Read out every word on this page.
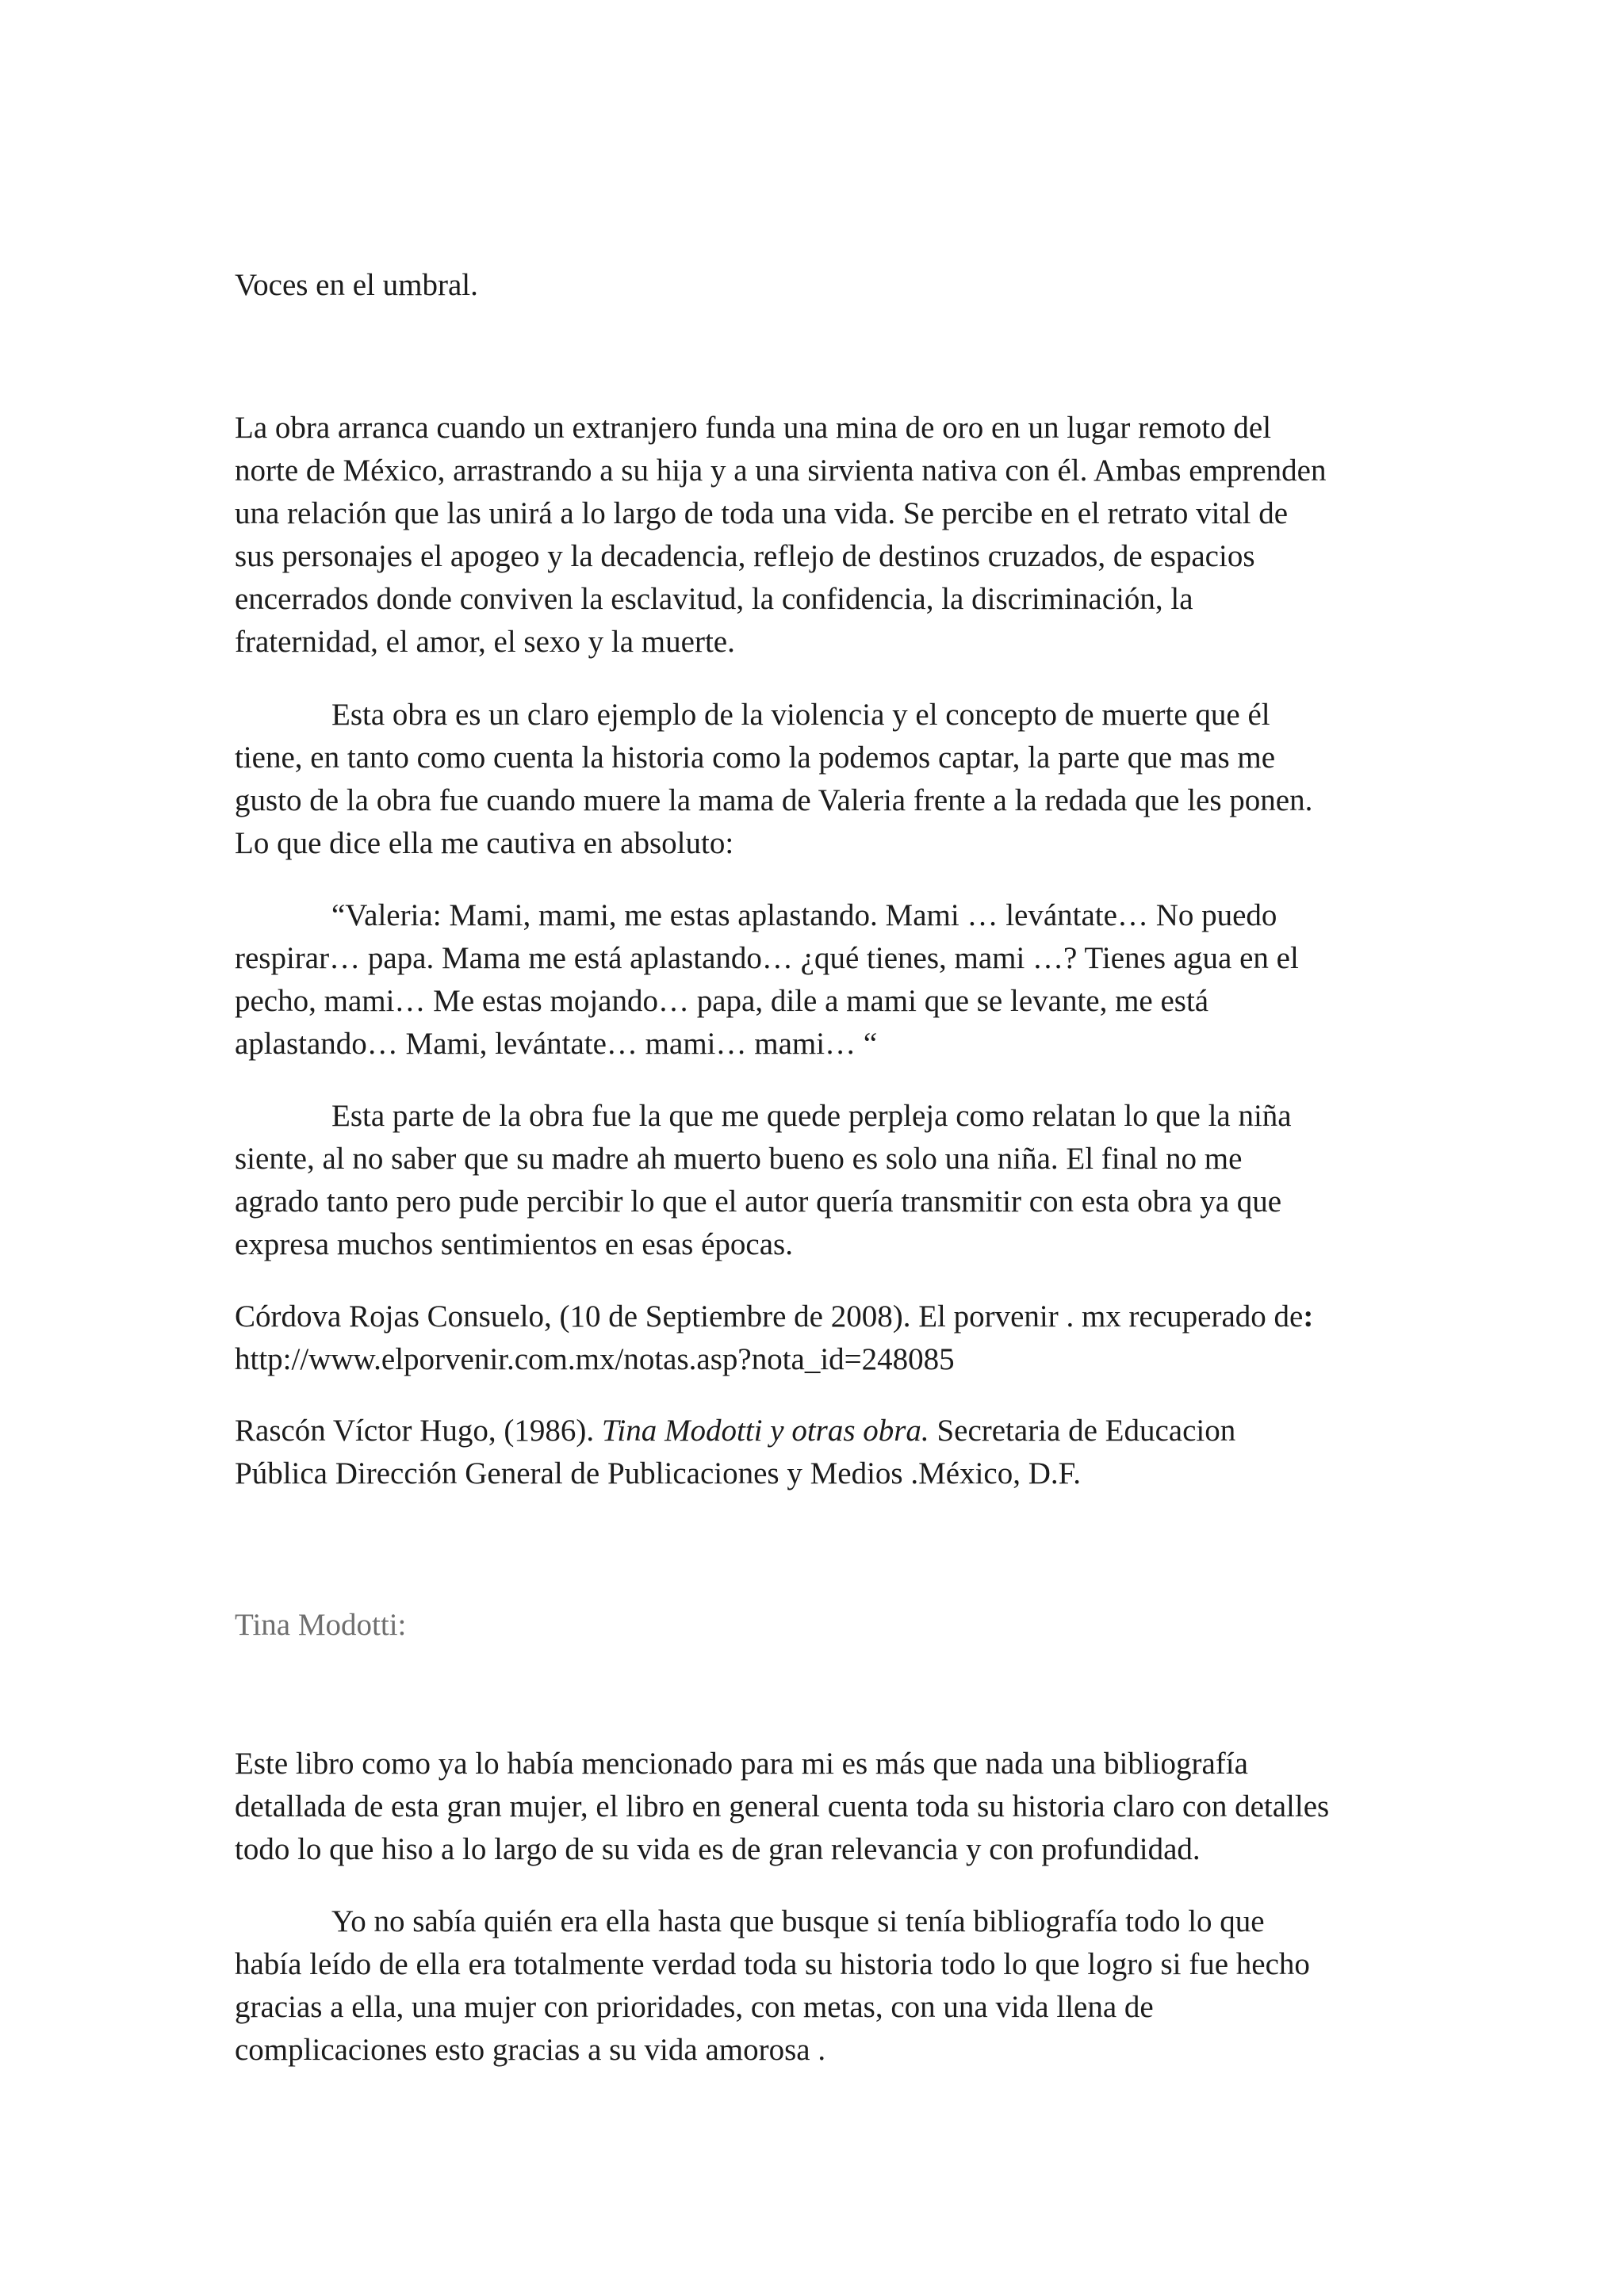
Voces en el umbral.

La obra arranca cuando un extranjero funda una mina de oro en un lugar remoto del
norte de México, arrastrando a su hija y a una sirvienta nativa con él. Ambas emprenden
una relación que las unirá a lo largo de toda una vida. Se percibe en el retrato vital de
sus personajes el apogeo y la decadencia, reflejo de destinos cruzados, de espacios
encerrados donde conviven la esclavitud, la confidencia, la discriminación, la
fraternidad, el amor, el sexo y la muerte.

Esta obra es un claro ejemplo de la violencia y el concepto de muerte que él
tiene, en tanto como cuenta la historia como la podemos captar, la parte que mas me
gusto de la obra fue cuando muere la mama de Valeria frente a la redada que les ponen.
Lo que dice ella me cautiva en absoluto:

“Valeria: Mami, mami, me estas aplastando. Mami … levántate… No puedo
respirar… papa. Mama me está aplastando… ¿qué tienes, mami …? Tienes agua en el
pecho, mami… Me estas mojando… papa, dile a mami que se levante, me está
aplastando… Mami, levántate… mami… mami… “

Esta parte de la obra fue la que me quede perpleja como relatan lo que la niña
siente, al no saber que su madre ah muerto bueno es solo una niña. El final no me
agrado tanto pero pude percibir lo que el autor quería transmitir con esta obra ya que
expresa muchos sentimientos en esas épocas.

Córdova Rojas Consuelo, (10 de Septiembre de 2008). El porvenir . mx recuperado de:
http://www.elporvenir.com.mx/notas.asp?nota_id=248085

Rascón Víctor Hugo, (1986). Tina Modotti y otras obra. Secretaria de Educacion
Pública Dirección General de Publicaciones y Medios .México, D.F.

Tina Modotti:

Este libro como ya lo había mencionado para mi es más que nada una bibliografía
detallada de esta gran mujer, el libro en general cuenta toda su historia claro con detalles
todo lo que hiso a lo largo de su vida es de gran relevancia y con profundidad.

Yo no sabía quién era ella hasta que busque si tenía bibliografía todo lo que
había leído de ella era totalmente verdad toda su historia todo lo que logro si fue hecho
gracias a ella, una mujer con prioridades, con metas, con una vida llena de
complicaciones esto gracias a su vida amorosa .
